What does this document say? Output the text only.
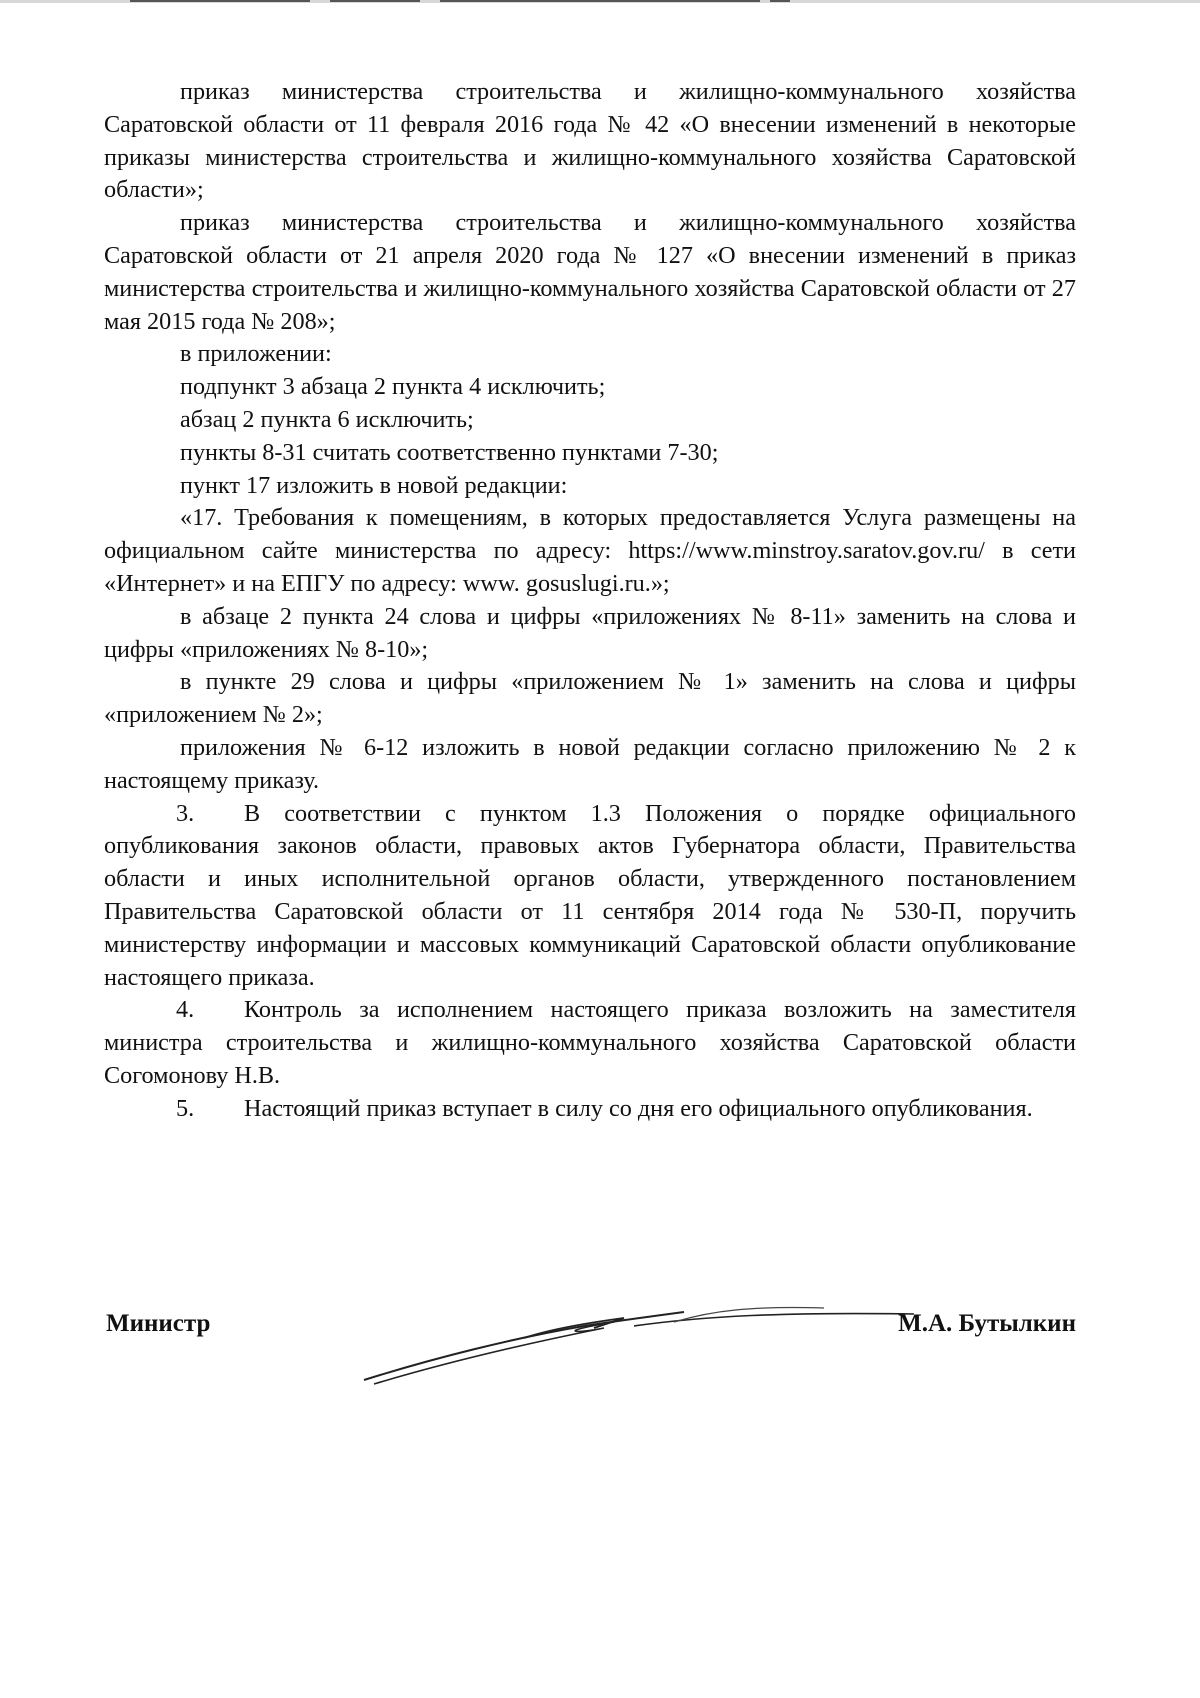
приказ министерства строительства и жилищно-коммунального хозяйства Саратовской области от 11 февраля 2016 года № 42 «О внесении изменений в некоторые приказы министерства строительства и жилищно-коммунального хозяйства Саратовской области»;

приказ министерства строительства и жилищно-коммунального хозяйства Саратовской области от 21 апреля 2020 года № 127 «О внесении изменений в приказ министерства строительства и жилищно-коммунального хозяйства Саратовской области от 27 мая 2015 года № 208»;

в приложении:

подпункт 3 абзаца 2 пункта 4 исключить;

абзац 2 пункта 6 исключить;

пункты 8-31 считать соответственно пунктами 7-30;

пункт 17 изложить в новой редакции:

«17. Требования к помещениям, в которых предоставляется Услуга размещены на официальном сайте министерства по адресу: https://www.minstroy.saratov.gov.ru/ в сети «Интернет» и на ЕПГУ по адресу: www. gosuslugi.ru.»;

в абзаце 2 пункта 24 слова и цифры «приложениях № 8-11» заменить на слова и цифры «приложениях № 8-10»;

в пункте 29 слова и цифры «приложением № 1» заменить на слова и цифры «приложением № 2»;

приложения № 6-12 изложить в новой редакции согласно приложению № 2 к настоящему приказу.

3. В соответствии с пунктом 1.3 Положения о порядке официального опубликования законов области, правовых актов Губернатора области, Правительства области и иных исполнительной органов области, утвержденного постановлением Правительства Саратовской области от 11 сентября 2014 года № 530-П, поручить министерству информации и массовых коммуникаций Саратовской области опубликование настоящего приказа.

4. Контроль за исполнением настоящего приказа возложить на заместителя министра строительства и жилищно-коммунального хозяйства Саратовской области Согомонову Н.В.

5. Настоящий приказ вступает в силу со дня его официального опубликования.

Министр	М.А. Бутылкин
